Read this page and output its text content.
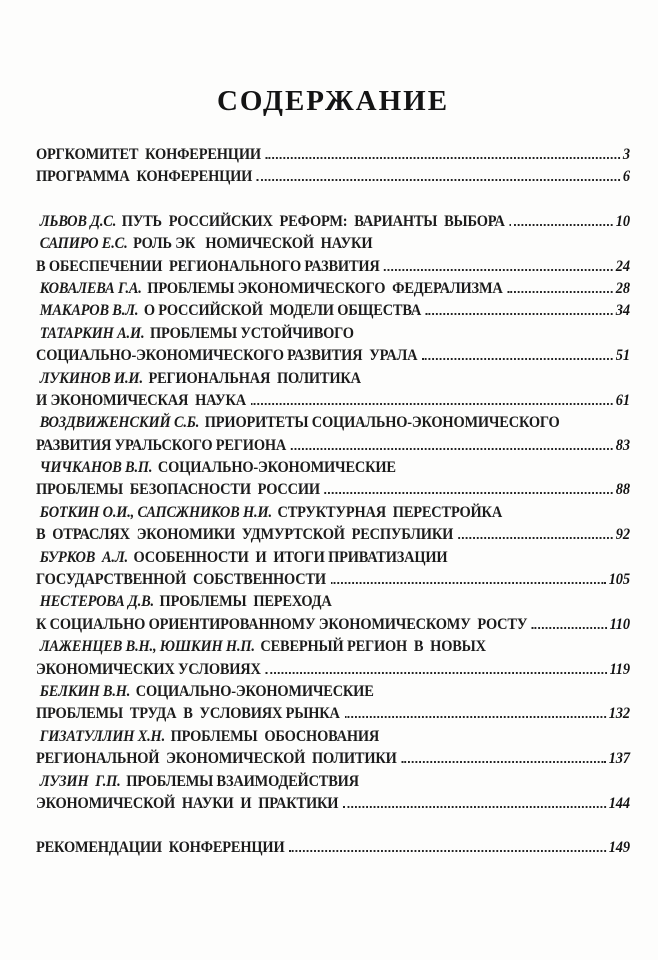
СОДЕРЖАНИЕ
ОРГКОМИТЕТ  КОНФЕРЕНЦИИ	3
ПРОГРАММА  КОНФЕРЕНЦИИ	6
ЛЬВОВ Д.С. ПУТЬ  РОССИЙСКИХ  РЕФОРМ:  ВАРИАНТЫ  ВЫБОРА	10
САПИРО Е.С. РОЛЬ ЭК   НОМИЧЕСКОЙ  НАУКИ
В ОБЕСПЕЧЕНИИ  РЕГИОНАЛЬНОГО РАЗВИТИЯ	24
КОВАЛЕВА Г.А. ПРОБЛЕМЫ ЭКОНОМИЧЕСКОГО  ФЕДЕРАЛИЗМА	28
МАКАРОВ В.Л. О РОССИЙСКОЙ  МОДЕЛИ ОБЩЕСТВА	34
ТАТАРКИН А.И. ПРОБЛЕМЫ УСТОЙЧИВОГО
СОЦИАЛЬНО-ЭКОНОМИЧЕСКОГО РАЗВИТИЯ  УРАЛА	51
ЛУКИНОВ И.И. РЕГИОНАЛЬНАЯ  ПОЛИТИКА
И ЭКОНОМИЧЕСКАЯ  НАУКА	61
ВОЗДВИЖЕНСКИЙ С.Б. ПРИОРИТЕТЫ СОЦИАЛЬНО-ЭКОНОМИЧЕСКОГО
РАЗВИТИЯ УРАЛЬСКОГО РЕГИОНА	83
ЧИЧКАНОВ В.П. СОЦИАЛЬНО-ЭКОНОМИЧЕСКИЕ
ПРОБЛЕМЫ  БЕЗОПАСНОСТИ  РОССИИ	88
БОТКИН О.И., САПСЖНИКОВ Н.И. СТРУКТУРНАЯ  ПЕРЕСТРОЙКА
В  ОТРАСЛЯХ  ЭКОНОМИКИ  УДМУРТСКОЙ  РЕСПУБЛИКИ	92
БУРКОВ  А.Л. ОСОБЕННОСТИ  И  ИТОГИ ПРИВАТИЗАЦИИ
ГОСУДАРСТВЕННОЙ  СОБСТВЕННОСТИ	105
НЕСТЕРОВА Д.В. ПРОБЛЕМЫ  ПЕРЕХОДА
К СОЦИАЛЬНО ОРИЕНТИРОВАННОМУ ЭКОНОМИЧЕСКОМУ  РОСТУ	110
ЛАЖЕНЦЕВ В.Н., ЮШКИН Н.П. СЕВЕРНЫЙ РЕГИОН  В  НОВЫХ
ЭКОНОМИЧЕСКИХ УСЛОВИЯХ	119
БЕЛКИН В.Н. СОЦИАЛЬНО-ЭКОНОМИЧЕСКИЕ
ПРОБЛЕМЫ  ТРУДА  В  УСЛОВИЯХ РЫНКА	132
ГИЗАТУЛЛИН Х.Н. ПРОБЛЕМЫ  ОБОСНОВАНИЯ
РЕГИОНАЛЬНОЙ  ЭКОНОМИЧЕСКОЙ  ПОЛИТИКИ	137
ЛУЗИН  Г.П. ПРОБЛЕМЫ ВЗАИМОДЕЙСТВИЯ
ЭКОНОМИЧЕСКОЙ  НАУКИ  И  ПРАКТИКИ	144
РЕКОМЕНДАЦИИ  КОНФЕРЕНЦИИ	149
